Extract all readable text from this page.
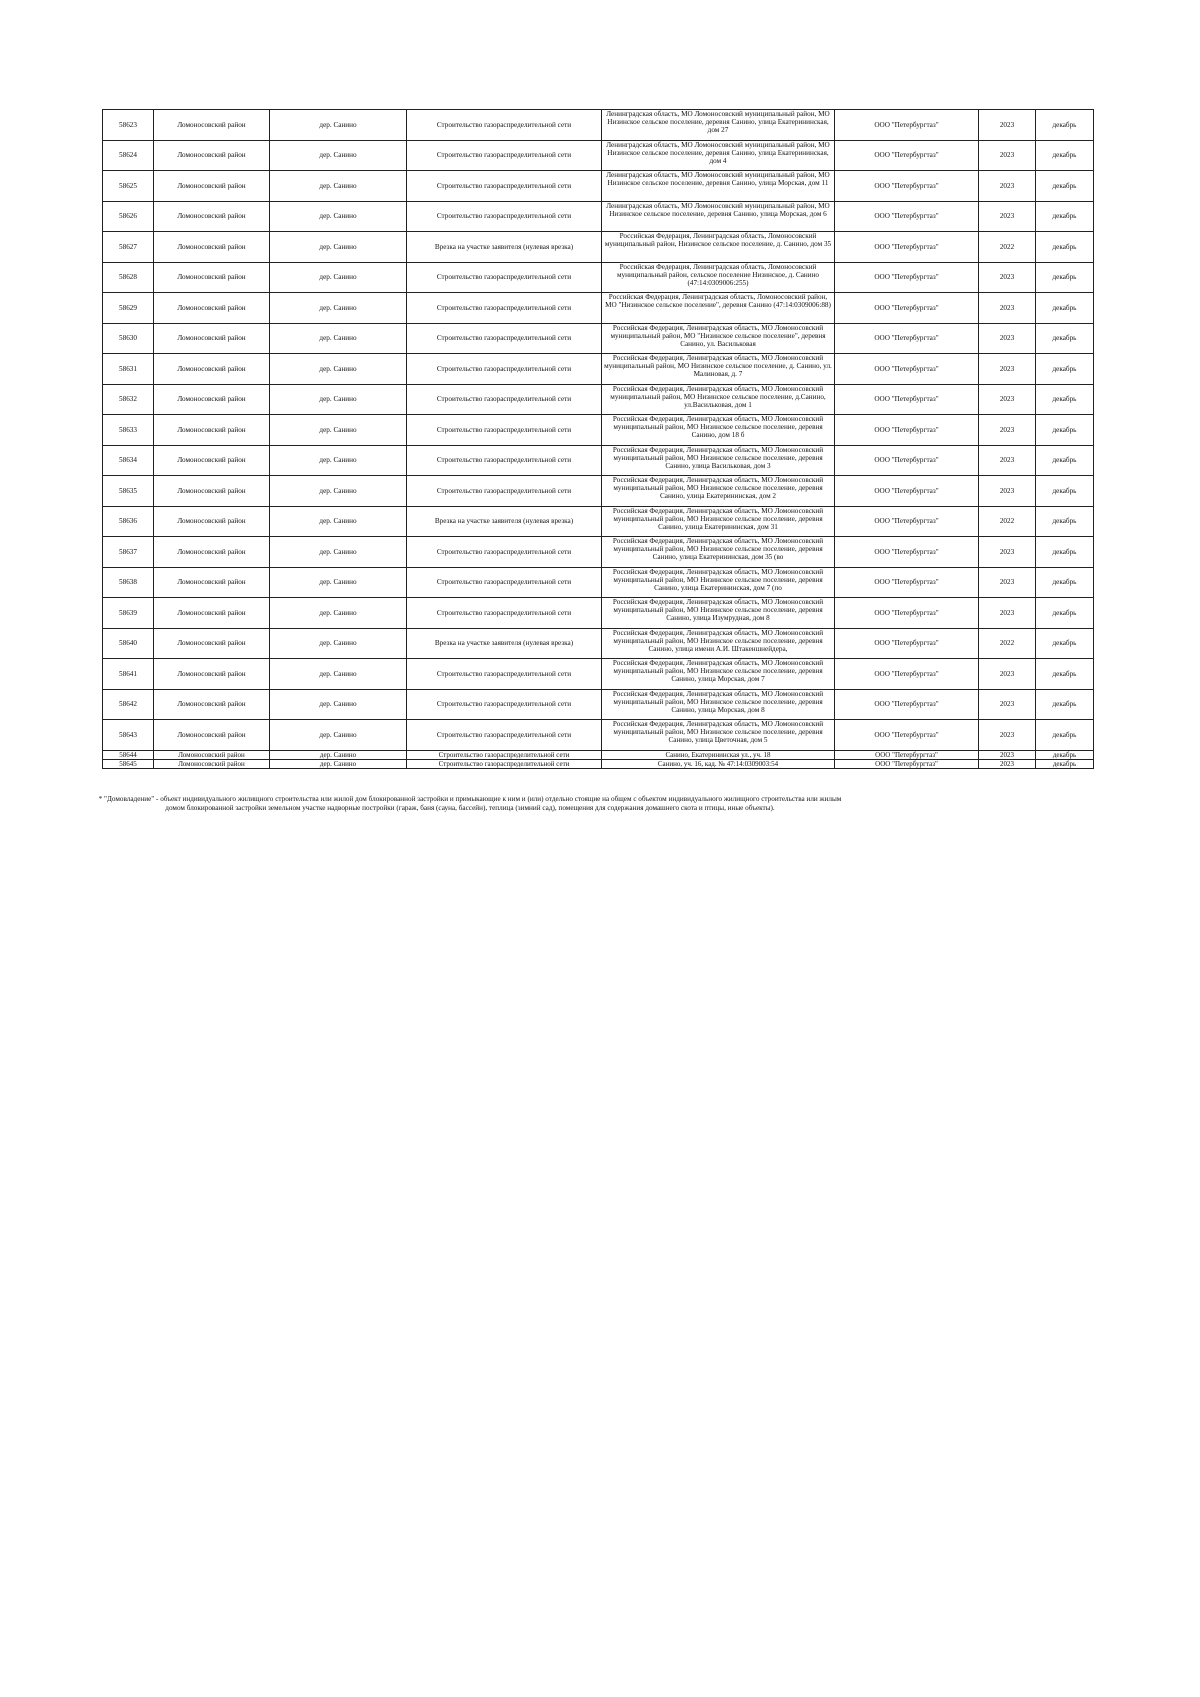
58623	Ломоносовский район	дер. Санино	Строительство газораспределительной сети	Ленинградская область, МО Ломоносовский муниципальный район, МО Низинское сельское поселение, деревня Санино, улица Екатерининская, дом 27	ООО "Петербургтаз"	2023	декабрь
58624	Ломоносовский район	дер. Санино	Строительство газораспределительной сети	Ленинградская область, МО Ломоносовский муниципальный район, МО Низинское сельское поселение, деревня Санино, улица Екатерининская, дом 4	ООО "Петербургтаз"	2023	декабрь
58625	Ломоносовский район	дер. Санино	Строительство газораспределительной сети	Ленинградская область, МО Ломоносовский муниципальный район, МО Низинское сельское поселение, деревня Санино, улица Морская, дом 11	ООО "Петербургтаз"	2023	декабрь
58626	Ломоносовский район	дер. Санино	Строительство газораспределительной сети	Ленинградская область, МО Ломоносовский муниципальный район, МО Низинское сельское поселение, деревня Санино, улица Морская, дом 6	ООО "Петербургтаз"	2023	декабрь
58627	Ломоносовский район	дер. Санино	Врезка на участке заявителя (нулевая врезка)	Российская Федерация, Ленинградская область, Ломоносовский муниципальный район, Низинское сельское поселение, д. Санино, дом 35	ООО "Петербургтаз"	2022	декабрь
58628	Ломоносовский район	дер. Санино	Строительство газораспределительной сети	Российская Федерация, Ленинградская область, Ломоносовский муниципальный район, сельское поселение Низинское, д. Санино (47:14:0309006:255)	ООО "Петербургтаз"	2023	декабрь
58629	Ломоносовский район	дер. Санино	Строительство газораспределительной сети	Российская Федерация, Ленинградская область, Ломоносовский район, МО "Низинское сельское поселение", деревня Санино (47:14:0309006:88)	ООО "Петербургтаз"	2023	декабрь
58630	Ломоносовский район	дер. Санино	Строительство газораспределительной сети	Российская Федерация, Ленинградская область, МО Ломоносовский муниципальный район, МО "Низинское сельское поселение", деревня Санино, ул. Васильковая	ООО "Петербургтаз"	2023	декабрь
58631	Ломоносовский район	дер. Санино	Строительство газораспределительной сети	Российская Федерация, Ленинградская область, МО Ломоносовский муниципальный район, МО Низинское сельское поселение, д. Санино, ул. Малиновая, д. 7	ООО "Петербургтаз"	2023	декабрь
58632	Ломоносовский район	дер. Санино	Строительство газораспределительной сети	Российская Федерация, Ленинградская область, МО Ломоносовский муниципальный район, МО Низинское сельское поселение, д.Санино, ул.Васильковая, дом 1	ООО "Петербургтаз"	2023	декабрь
58633	Ломоносовский район	дер. Санино	Строительство газораспределительной сети	Российская Федерация, Ленинградская область, МО Ломоносовский муниципальный район, МО Низинское сельское поселение, деревня Санино, дом 18 б	ООО "Петербургтаз"	2023	декабрь
58634	Ломоносовский район	дер. Санино	Строительство газораспределительной сети	Российская Федерация, Ленинградская область, МО Ломоносовский муниципальный район, МО Низинское сельское поселение, деревня Санино, улица Васильковая, дом 3	ООО "Петербургтаз"	2023	декабрь
58635	Ломоносовский район	дер. Санино	Строительство газораспределительной сети	Российская Федерация, Ленинградская область, МО Ломоносовский муниципальный район, МО Низинское сельское поселение, деревня Санино, улица Екатерининская, дом 2	ООО "Петербургтаз"	2023	декабрь
58636	Ломоносовский район	дер. Санино	Врезка на участке заявителя (нулевая врезка)	Российская Федерация, Ленинградская область, МО Ломоносовский муниципальный район, МО Низинское сельское поселение, деревня Санино, улица Екатерининская, дом 31	ООО "Петербургтаз"	2022	декабрь
58637	Ломоносовский район	дер. Санино	Строительство газораспределительной сети	Российская Федерация, Ленинградская область, МО Ломоносовский муниципальный район, МО Низинское сельское поселение, деревня Санино, улица Екатерининская, дом 35 (во	ООО "Петербургтаз"	2023	декабрь
58638	Ломоносовский район	дер. Санино	Строительство газораспределительной сети	Российская Федерация, Ленинградская область, МО Ломоносовский муниципальный район, МО Низинское сельское поселение, деревня Санино, улица Екатерининская, дом 7 (по	ООО "Петербургтаз"	2023	декабрь
58639	Ломоносовский район	дер. Санино	Строительство газораспределительной сети	Российская Федерация, Ленинградская область, МО Ломоносовский муниципальный район, МО Низинское сельское поселение, деревня Санино, улица Изумрудная, дом 8	ООО "Петербургтаз"	2023	декабрь
58640	Ломоносовский район	дер. Санино	Врезка на участке заявителя (нулевая врезка)	Российская Федерация, Ленинградская область, МО Ломоносовский муниципальный район, МО Низинское сельское поселение, деревня Санино, улица имени А.И. Штакеншнейдера,	ООО "Петербургтаз"	2022	декабрь
58641	Ломоносовский район	дер. Санино	Строительство газораспределительной сети	Российская Федерация, Ленинградская область, МО Ломоносовский муниципальный район, МО Низинское сельское поселение, деревня Санино, улица Морская, дом 7	ООО "Петербургтаз"	2023	декабрь
58642	Ломоносовский район	дер. Санино	Строительство газораспределительной сети	Российская Федерация, Ленинградская область, МО Ломоносовский муниципальный район, МО Низинское сельское поселение, деревня Санино, улица Морская, дом 8	ООО "Петербургтаз"	2023	декабрь
58643	Ломоносовский район	дер. Санино	Строительство газораспределительной сети	Российская Федерация, Ленинградская область, МО Ломоносовский муниципальный район, МО Низинское сельское поселение, деревня Санино, улица Цветочная, дом 5	ООО "Петербургтаз"	2023	декабрь
58644	Ломоносовский район	дер. Санино	Строительство газораспределительной сети	Санино, Екатерининская ул., уч. 18	ООО "Петербургтаз"	2023	декабрь
58645	Ломоносовский район	дер. Санино	Строительство газораспределительной сети	Санино, уч. 16, кад. № 47:14:0309003:54	ООО "Петербургтаз"	2023	декабрь
* "Домовладение" - объект индивидуального жилищного строительства или жилой дом блокированной застройки и примыкающие к ним и (или) отдельно стоящие на общем с объектом индивидуального жилищного строительства или жилым домом блокированной застройки земельном участке надворные постройки (гараж, баня (сауна, бассейн), теплица (зимний сад), помещения для содержания домашнего скота и птицы, иные объекты).
